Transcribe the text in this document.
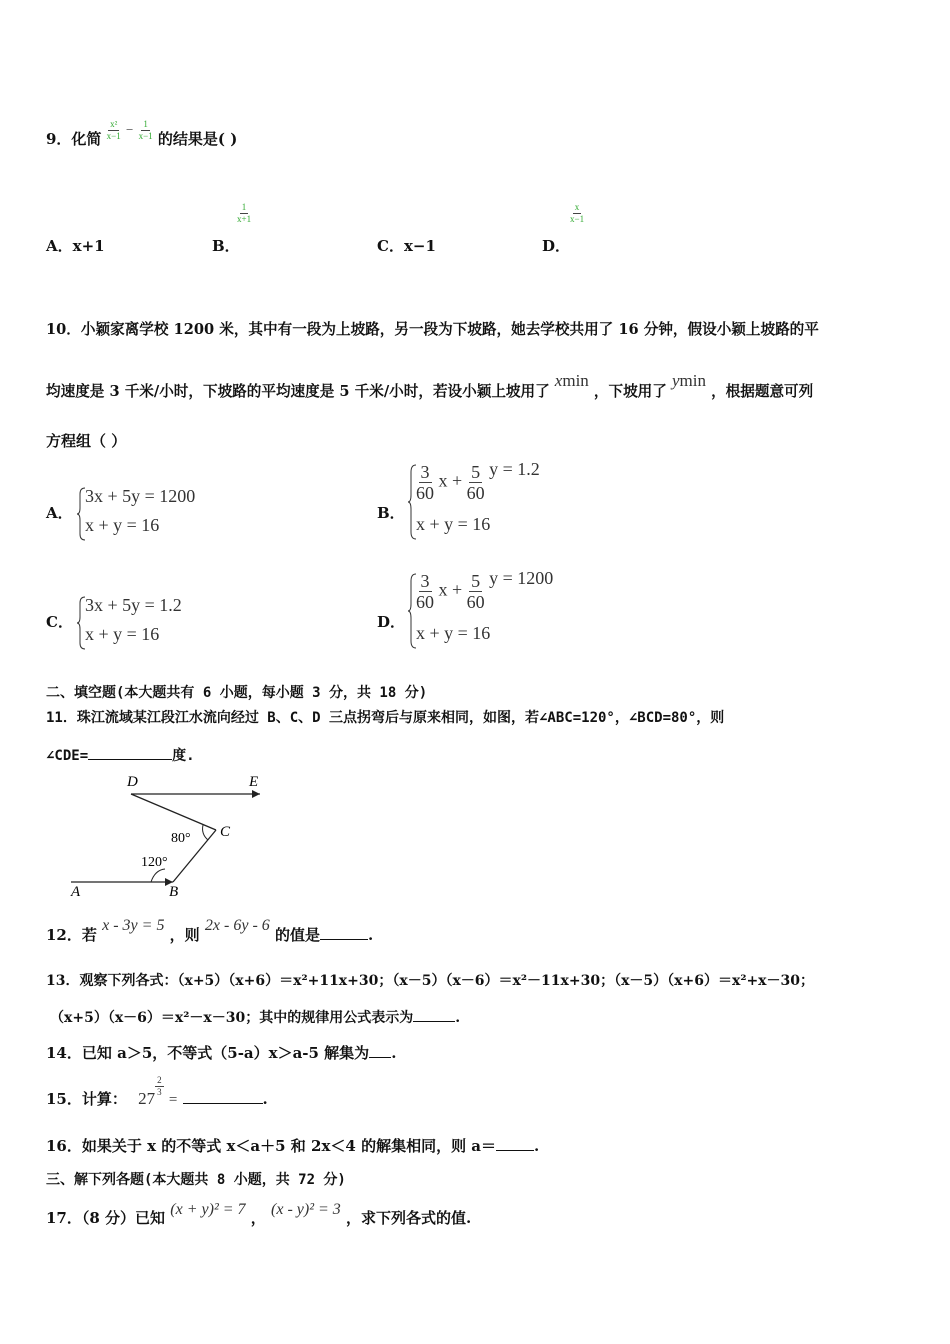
9．化简 $\frac{\text{x²}}{x-1} - \frac{1}{x-1}$ 的结果是( )
A．x+1	B．
$\frac{1}{x+1}$
C．x−1	D．
$\frac{x}{x-1}$
10．小颖家离学校 1200 米，其中有一段为上坡路，另一段为下坡路，她去学校共用了 16 分钟，假设小颖上坡路的平
均速度是 3 千米/小时，下坡路的平均速度是 5 千米/小时，若设小颖上坡用了 xmin ，下坡用了 ymin ，根据题意可列
方程组（ ）
A．
3x + 5y = 1200
x + y = 16
B．
$\frac{3}{60}$ $x + \frac{5}{60}$ y = 1.2
x + y = 16
C．
3x + 5y = 1.2
x + y = 16
D．
$\frac{3}{60}$ $x + \frac{5}{60}$ y = 1200
x + y = 16
二、填空题(本大题共有 6 小题，每小题 3 分，共 18 分)
11．珠江流域某江段江水流向经过 B、C、D 三点拐弯后与原来相同，如图，若∠ABC=120°，∠BCD=80°，则
∠CDE=	度.
D	E
C
A	B
80°
120°
12．若 x - 3y = 5 ，则 2x - 6y - 6 的值是	.
13．观察下列各式：（x+5）（x+6）＝x²+11x+30；（x－5）（x－6）＝x²－11x+30；（x－5）（x+6）＝x²+x－30；
（x+5）（x－6）＝x²－x－30；其中的规律用公式表示为	.
14．已知 a＞5，不等式（5-a）x＞a-5 解集为 .
15．计算： 27
$\frac{2}{3}$
=	.
16．如果关于 x 的不等式 x＜a＋5 和 2x＜4 的解集相同，则 a＝	.
三、解下列各题(本大题共 8 小题，共 72 分)
17．（8 分）已知 (x + y)² = 7 ， (x - y)² = 3 ，求下列各式的值.
